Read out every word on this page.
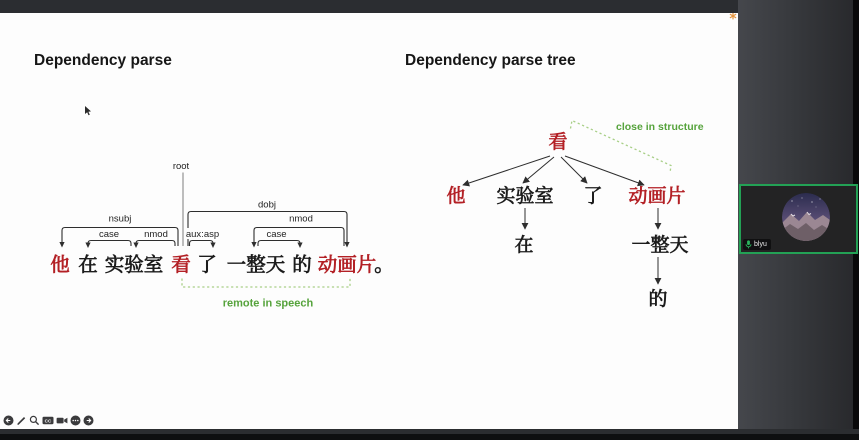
Dependency parse	Dependency parse tree
root
nsubj
case	nmod
dobj
aux:asp
nmod
case
他 在 实验室 看 了 一整天 的 动画片
。
remote in speech
看
他 实验室 了 动画片
在	一整天
的
close in structure
blyu
CC
